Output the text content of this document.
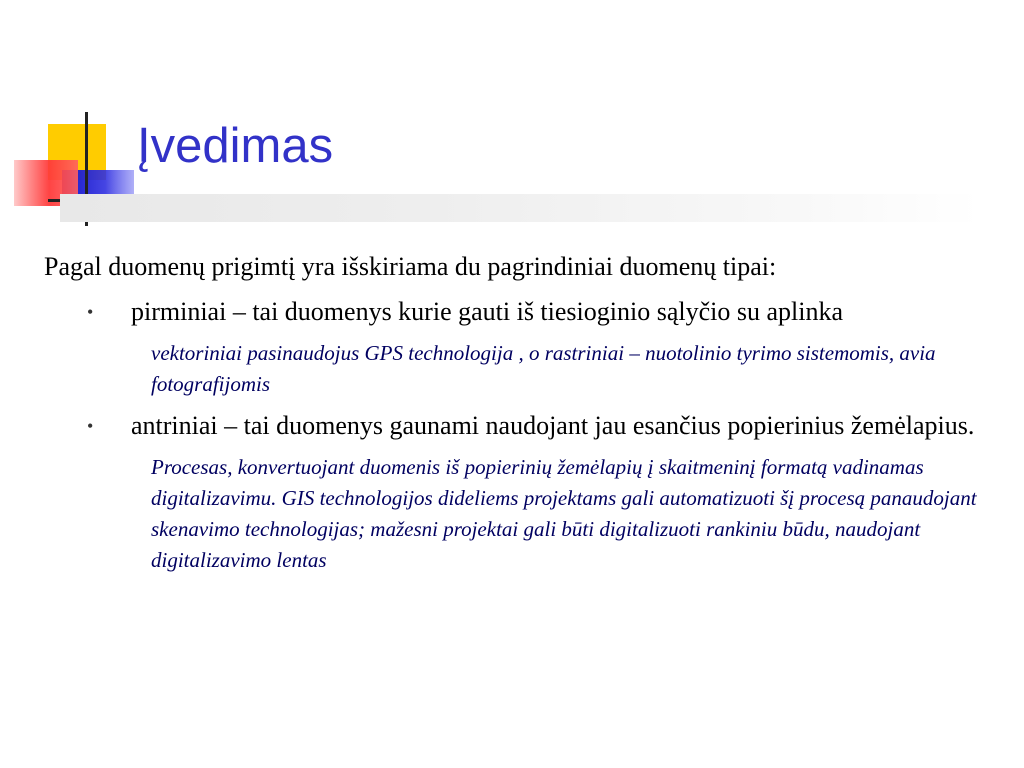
Įvedimas

Pagal duomenų prigimtį yra išskiriama du pagrindiniai duomenų tipai:

• pirminiai – tai duomenys kurie gauti iš tiesioginio sąlyčio su aplinka
vektoriniai pasinaudojus GPS technologija , o rastriniai – nuotolinio tyrimo sistemomis, avia fotografijomis
• antriniai – tai duomenys gaunami naudojant jau esančius popierinius žemėlapius.
Procesas, konvertuojant duomenis iš popierinių žemėlapių į skaitmeninį formatą vadinamas digitalizavimu. GIS technologijos dideliems projektams gali automatizuoti šį procesą panaudojant skenavimo technologijas; mažesni projektai gali būti digitalizuoti rankiniu būdu, naudojant digitalizavimo lentas
